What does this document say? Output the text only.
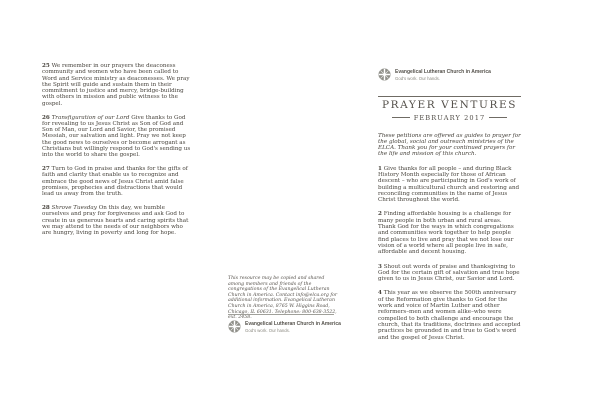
25 We remember in our prayers the deaconess community and women who have been called to Word and Service ministry as deaconesses. We pray the Spirit will guide and sustain them in their commitment to justice and mercy, bridge-building with others in mission and public witness to the gospel.

26 Transfiguration of our Lord Give thanks to God for revealing to us Jesus Christ as Son of God and Son of Man, our Lord and Savior, the promised Messiah, our salvation and light. Pray we not keep the good news to ourselves or become arrogant as Christians but willingly respond to God's sending us into the world to share the gospel.

27 Turn to God in praise and thanks for the gifts of faith and clarity that enable us to recognize and embrace the good news of Jesus Christ amid false promises, prophecies and distractions that would lead us away from the truth.

28 Shrove Tuesday On this day, we humble ourselves and pray for forgiveness and ask God to create in us generous hearts and caring spirits that we may attend to the needs of our neighbors who are hungry, living in poverty and long for hope.

This resource may be copied and shared among members and friends of the congregations of the Evangelical Lutheran Church in America. Contact info@elca.org for additional information. Evangelical Lutheran Church in America, 8765 W. Higgins Road, Chicago, IL 60631. Telephone: 800-638-3522, ext. 2458.
Evangelical Lutheran Church in America
God's work. Our hands.
Evangelical Lutheran Church in America
God's work. Our hands.
PRAYER VENTURES
FEBRUARY 2017

These petitions are offered as guides to prayer for the global, social and outreach ministries of the ELCA. Thank you for your continued prayers for the life and mission of this church.

1 Give thanks for all people – and during Black History Month especially for those of African descent – who are participating in God's work of building a multicultural church and restoring and reconciling communities in the name of Jesus Christ throughout the world.

2 Finding affordable housing is a challenge for many people in both urban and rural areas. Thank God for the ways in which congregations and communities work together to help people find places to live and pray that we not lose our vision of a world where all people live in safe, affordable and decent housing.

3 Shout out words of praise and thanksgiving to God for the certain gift of salvation and true hope given to us in Jesus Christ, our Savior and Lord.

4 This year as we observe the 500th anniversary of the Reformation give thanks to God for the work and voice of Martin Luther and other reformers–men and women alike–who were compelled to both challenge and encourage the church, that its traditions, doctrines and accepted practices be grounded in and true to God's word and the gospel of Jesus Christ.
